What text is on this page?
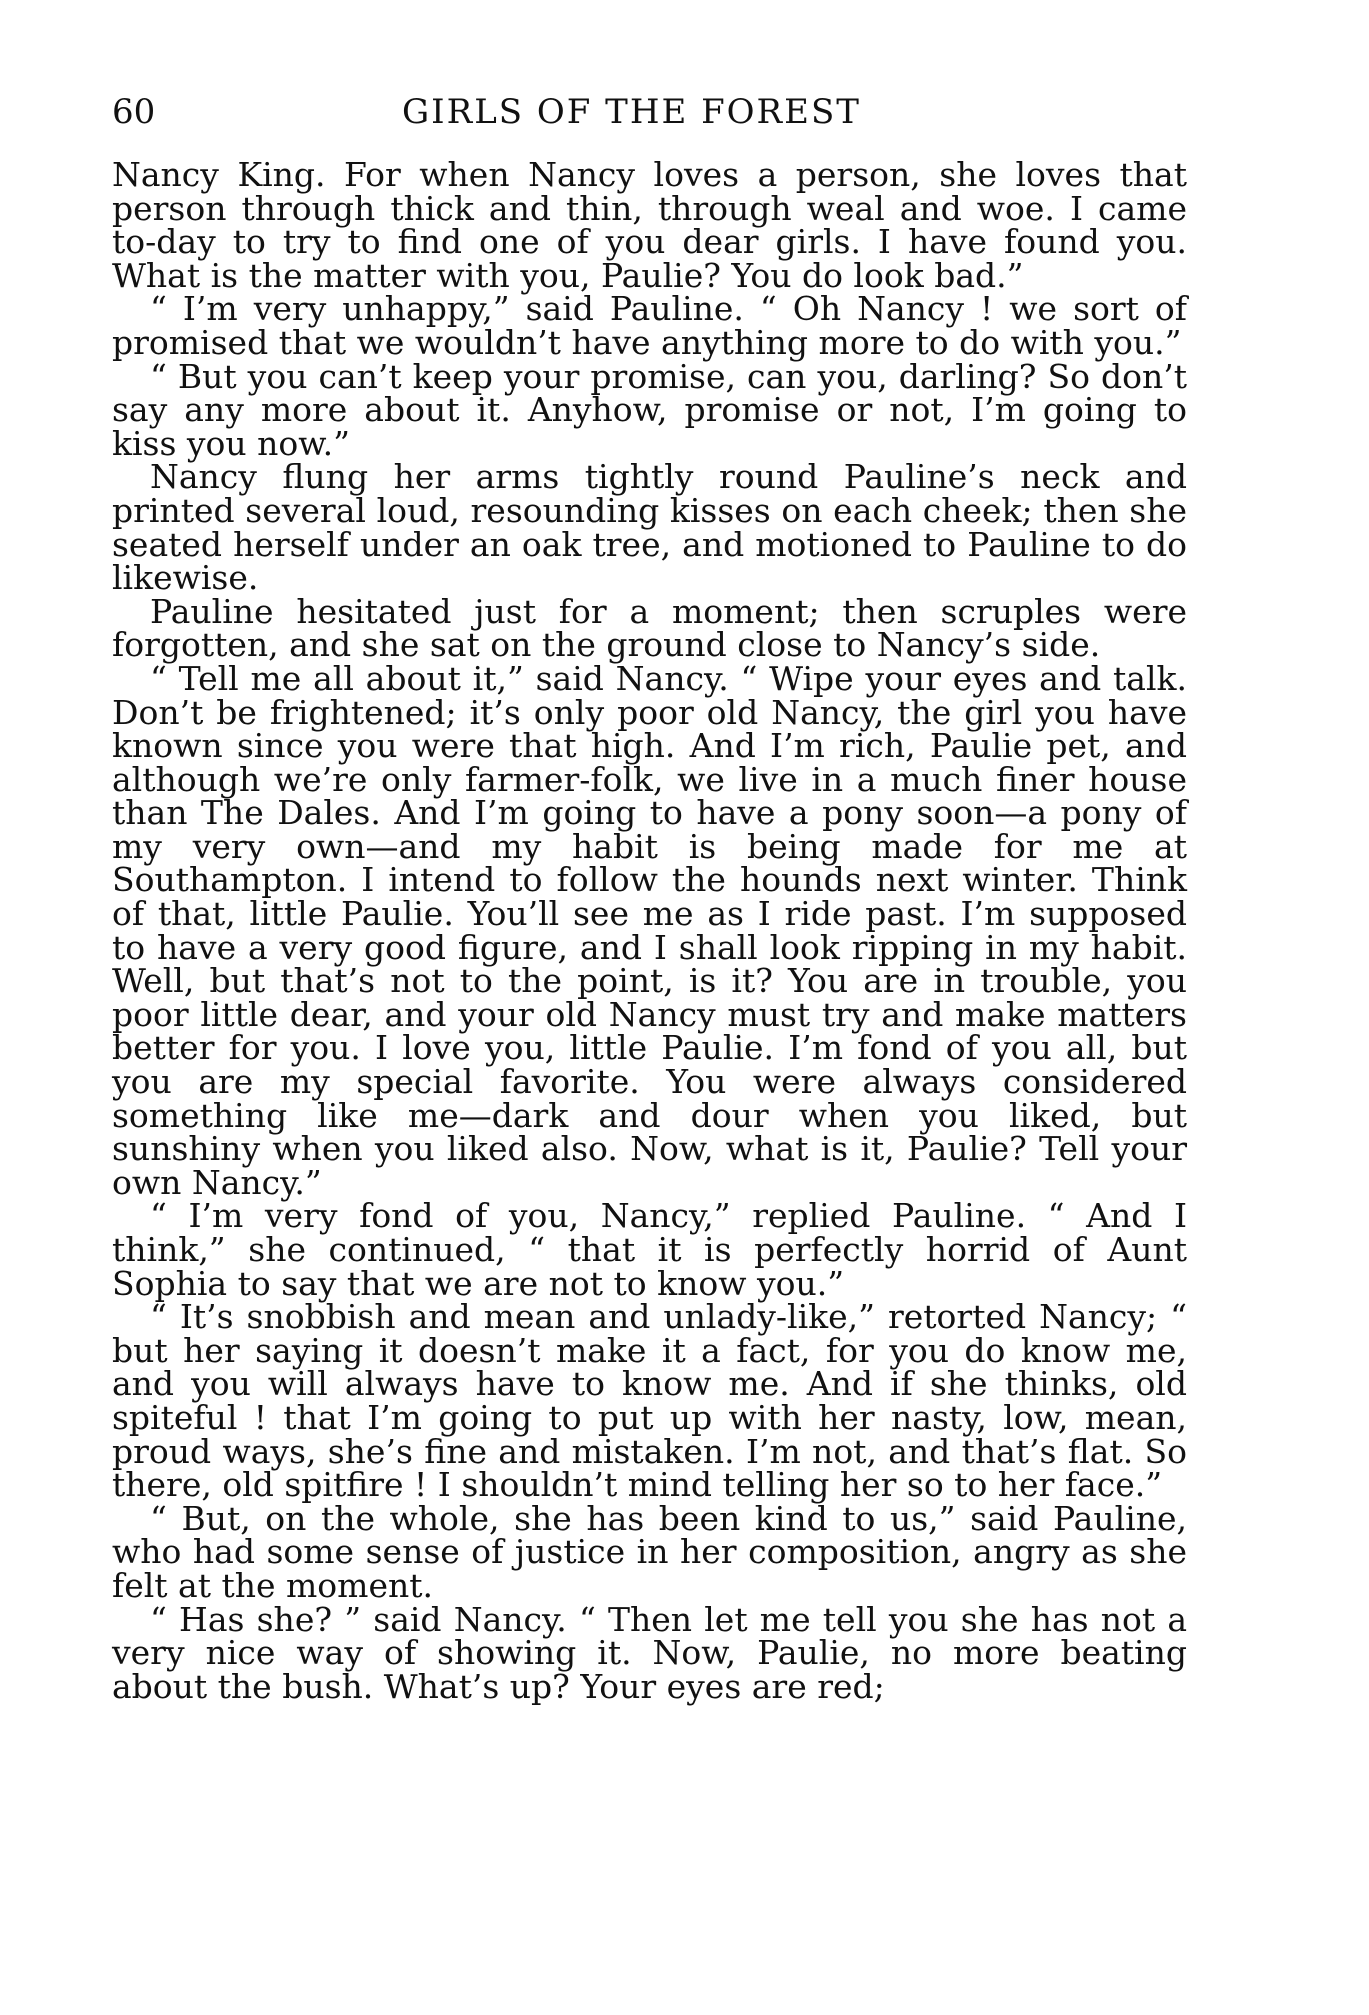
60	GIRLS OF THE FOREST

Nancy King. For when Nancy loves a person, she loves that person through thick and thin, through weal and woe. I came to-day to try to find one of you dear girls. I have found you. What is the matter with you, Paulie? You do look bad.”

“ I’m very unhappy,” said Pauline. “ Oh Nancy ! we sort of promised that we wouldn’t have anything more to do with you.”

“ But you can’t keep your promise, can you, darling? So don’t say any more about it. Anyhow, promise or not, I’m going to kiss you now.”

Nancy flung her arms tightly round Pauline’s neck and printed several loud, resounding kisses on each cheek; then she seated herself under an oak tree, and motioned to Pauline to do likewise.

Pauline hesitated just for a moment; then scruples were forgotten, and she sat on the ground close to Nancy’s side.

“ Tell me all about it,” said Nancy. “ Wipe your eyes and talk. Don’t be frightened; it’s only poor old Nancy, the girl you have known since you were that high. And I’m rich, Paulie pet, and although we’re only farmer-folk, we live in a much finer house than The Dales. And I’m going to have a pony soon—a pony of my very own—and my habit is being made for me at Southampton. I intend to follow the hounds next winter. Think of that, little Paulie. You’ll see me as I ride past. I’m supposed to have a very good figure, and I shall look ripping in my habit. Well, but that’s not to the point, is it? You are in trouble, you poor little dear, and your old Nancy must try and make matters better for you. I love you, little Paulie. I’m fond of you all, but you are my special favorite. You were always considered something like me—dark and dour when you liked, but sunshiny when you liked also. Now, what is it, Paulie? Tell your own Nancy.”

“ I’m very fond of you, Nancy,” replied Pauline. “ And I think,” she continued, “ that it is perfectly horrid of Aunt Sophia to say that we are not to know you.”

“ It’s snobbish and mean and unlady-like,” retorted Nancy; “ but her saying it doesn’t make it a fact, for you do know me, and you will always have to know me. And if she thinks, old spiteful ! that I’m going to put up with her nasty, low, mean, proud ways, she’s fine and mistaken. I’m not, and that’s flat. So there, old spitfire ! I shouldn’t mind telling her so to her face.”

“ But, on the whole, she has been kind to us,” said Pauline, who had some sense of justice in her composition, angry as she felt at the moment.

“ Has she? ” said Nancy. “ Then let me tell you she has not a very nice way of showing it. Now, Paulie, no more beating about the bush. What’s up? Your eyes are red;
